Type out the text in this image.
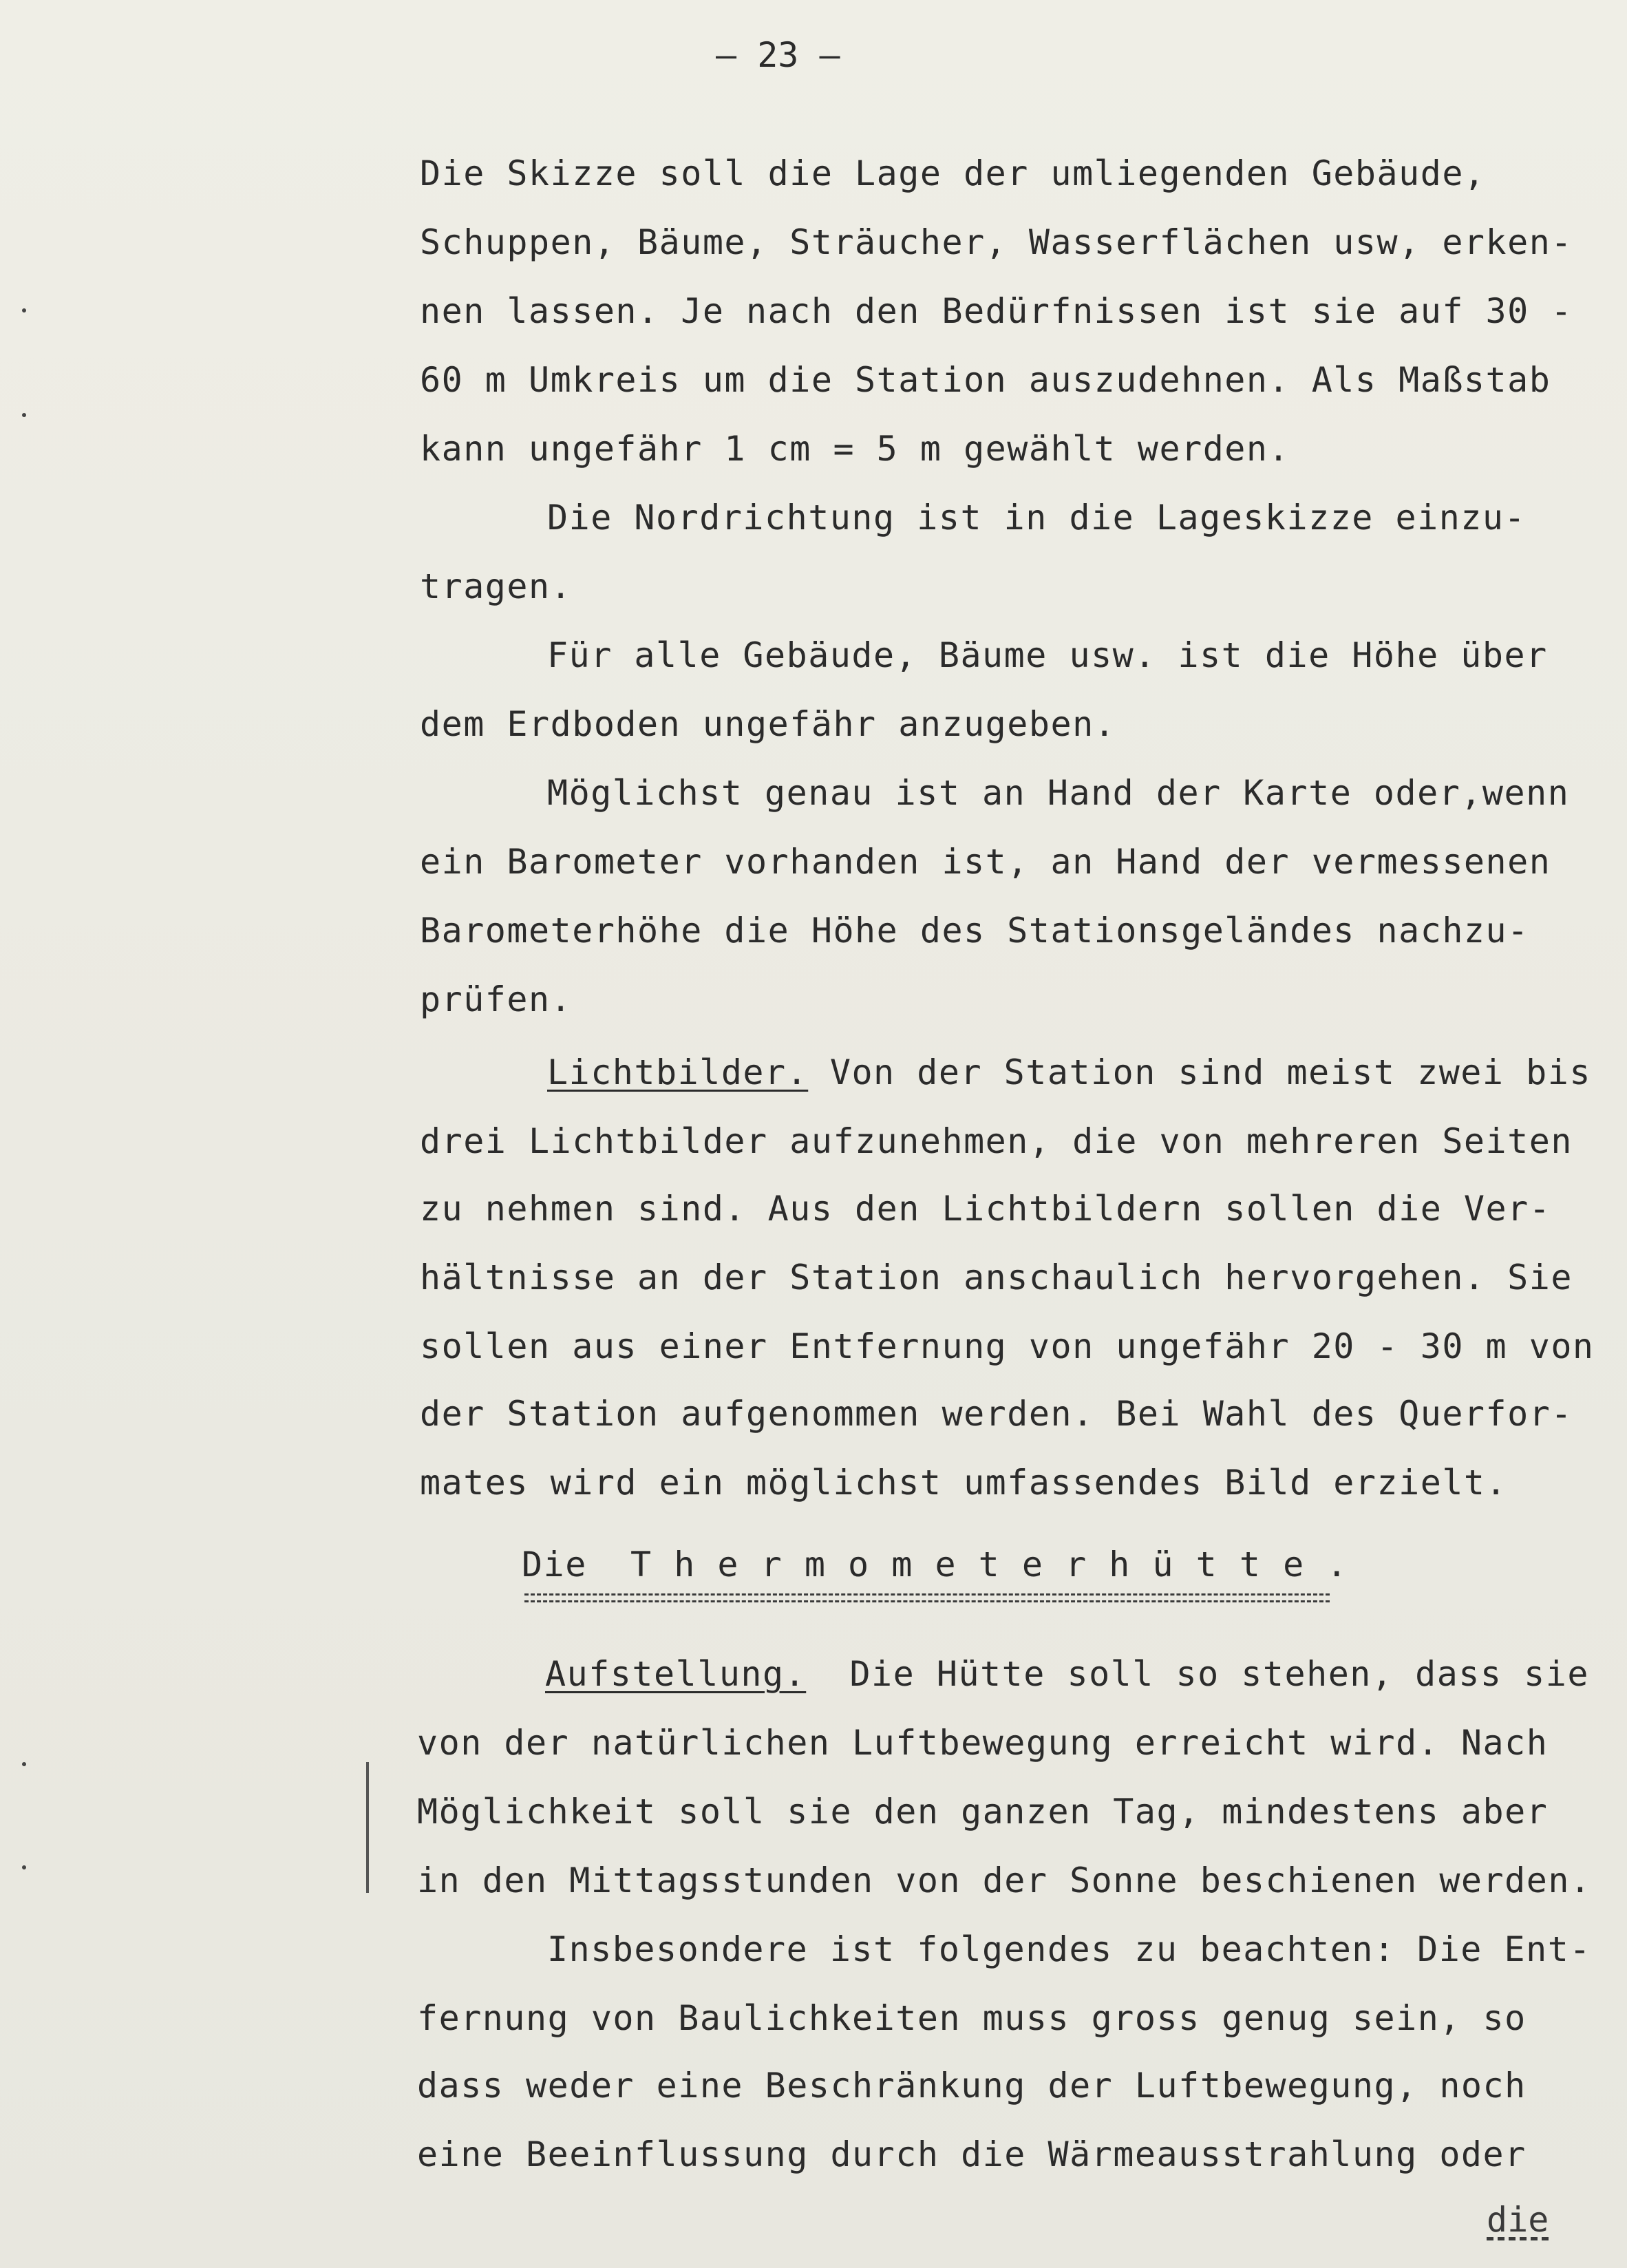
— 23 —
Die Skizze soll die Lage der umliegenden Gebäude,
Schuppen, Bäume, Sträucher, Wasserflächen usw, erken-
nen lassen. Je nach den Bedürfnissen ist sie auf 30 -
60 m Umkreis um die Station auszudehnen. Als Maßstab
kann ungefähr 1 cm = 5 m gewählt werden.
Die Nordrichtung ist in die Lageskizze einzu-
tragen.
Für alle Gebäude, Bäume usw. ist die Höhe über
dem Erdboden ungefähr anzugeben.
Möglichst genau ist an Hand der Karte oder,wenn
ein Barometer vorhanden ist, an Hand der vermessenen
Barometerhöhe die Höhe des Stationsgeländes nachzu-
prüfen.
Lichtbilder. Von der Station sind meist zwei bis
drei Lichtbilder aufzunehmen, die von mehreren Seiten
zu nehmen sind. Aus den Lichtbildern sollen die Ver-
hältnisse an der Station anschaulich hervorgehen. Sie
sollen aus einer Entfernung von ungefähr 20 - 30 m von
der Station aufgenommen werden. Bei Wahl des Querfor-
mates wird ein möglichst umfassendes Bild erzielt.
Die  T h e r m o m e t e r h ü t t e .
Aufstellung.  Die Hütte soll so stehen, dass sie
von der natürlichen Luftbewegung erreicht wird. Nach
Möglichkeit soll sie den ganzen Tag, mindestens aber
in den Mittagsstunden von der Sonne beschienen werden.
Insbesondere ist folgendes zu beachten: Die Ent-
fernung von Baulichkeiten muss gross genug sein, so
dass weder eine Beschränkung der Luftbewegung, noch
eine Beeinflussung durch die Wärmeausstrahlung oder
die
